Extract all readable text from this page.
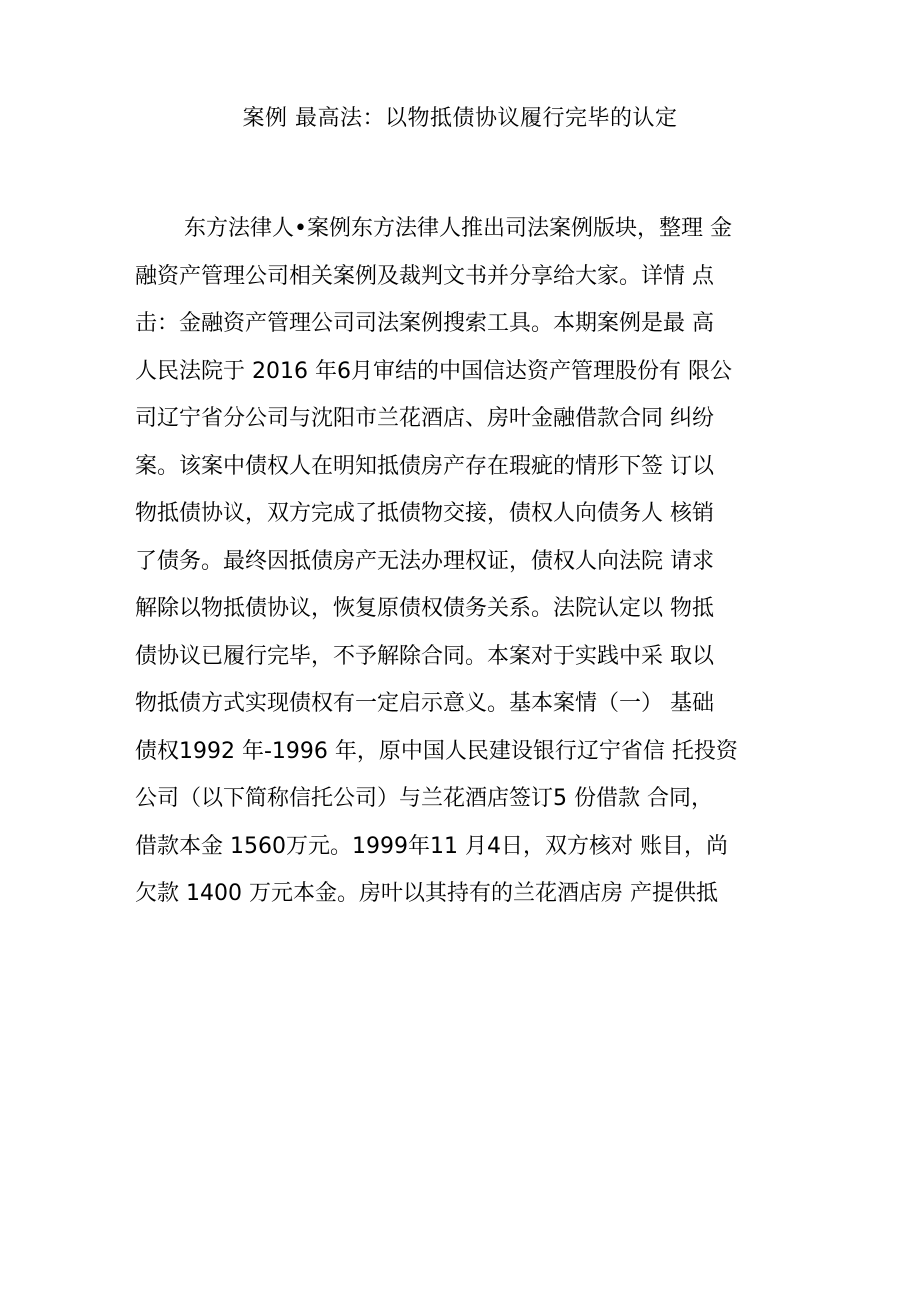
案例 最高法：以物抵债协议履行完毕的认定
东方法律人•案例东方法律人推出司法案例版块，整理 金
融资产管理公司相关案例及裁判文书并分享给大家。详情 点
击：金融资产管理公司司法案例搜索工具。本期案例是最 高
人民法院于 2016 年6月审结的中国信达资产管理股份有 限公
司辽宁省分公司与沈阳市兰花酒店、房叶金融借款合同 纠纷
案。该案中债权人在明知抵债房产存在瑕疵的情形下签 订以
物抵债协议，双方完成了抵债物交接，债权人向债务人 核销
了债务。最终因抵债房产无法办理权证，债权人向法院 请求
解除以物抵债协议，恢复原债权债务关系。法院认定以 物抵
债协议已履行完毕，不予解除合同。本案对于实践中采 取以
物抵债方式实现债权有一定启示意义。基本案情（一） 基础
债权1992 年-1996 年，原中国人民建设银行辽宁省信 托投资
公司（以下简称信托公司）与兰花酒店签订5 份借款 合同，
借款本金 1560万元。1999年11 月4日，双方核对 账目，尚
欠款 1400 万元本金。房叶以其持有的兰花酒店房 产提供抵
